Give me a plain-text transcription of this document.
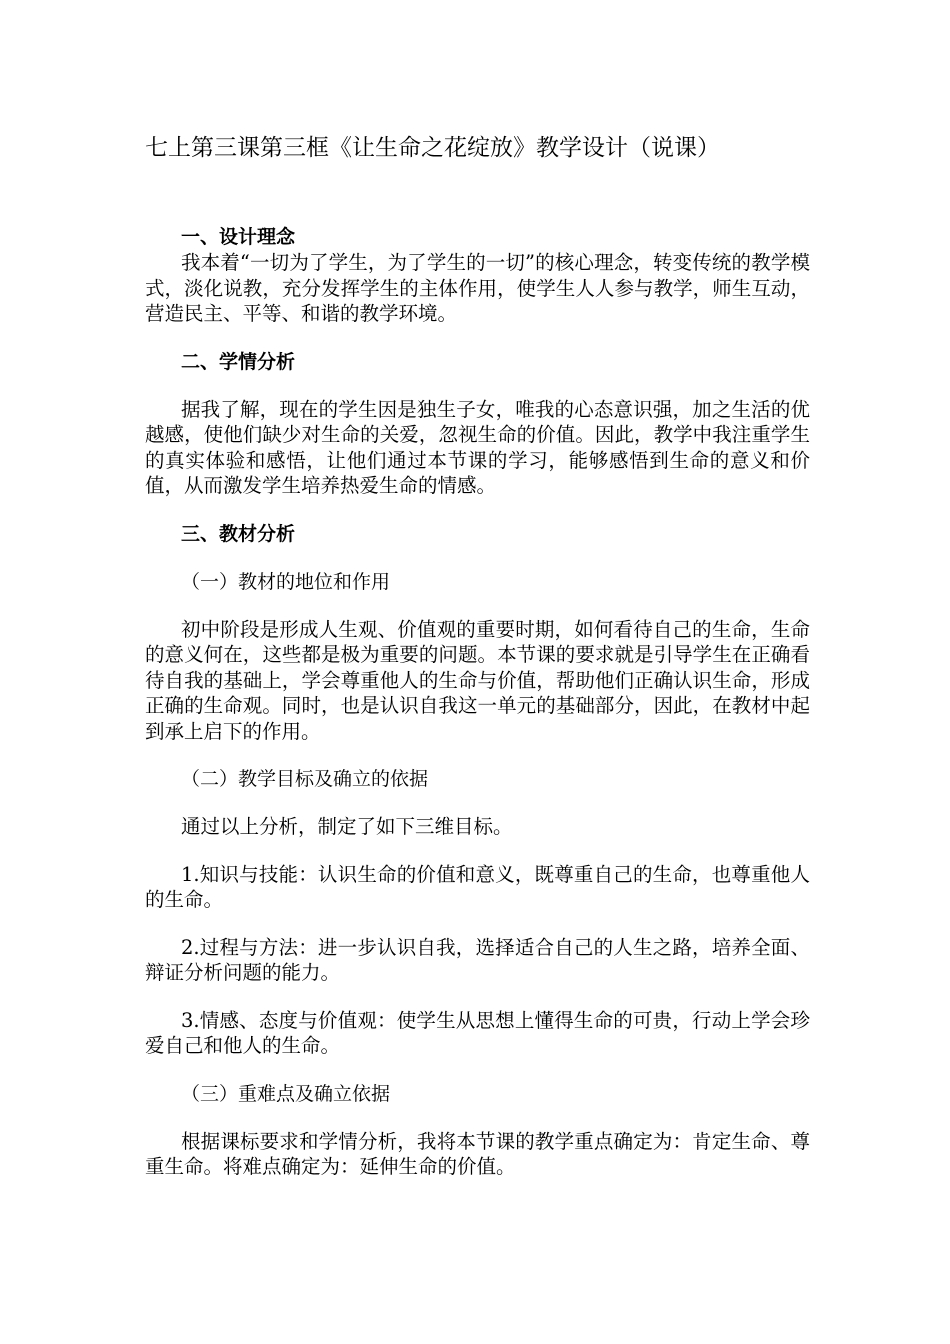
七上第三课第三框《让生命之花绽放》教学设计（说课）
一、设计理念

我本着“一切为了学生，为了学生的一切”的核心理念，转变传统的教学模式，淡化说教，充分发挥学生的主体作用，使学生人人参与教学，师生互动，营造民主、平等、和谐的教学环境。

二、学情分析

据我了解，现在的学生因是独生子女，唯我的心态意识强，加之生活的优越感，使他们缺少对生命的关爱，忽视生命的价值。因此，教学中我注重学生的真实体验和感悟，让他们通过本节课的学习，能够感悟到生命的意义和价值，从而激发学生培养热爱生命的情感。

三、教材分析
（一）教材的地位和作用

初中阶段是形成人生观、价值观的重要时期，如何看待自己的生命，生命的意义何在，这些都是极为重要的问题。本节课的要求就是引导学生在正确看待自我的基础上，学会尊重他人的生命与价值，帮助他们正确认识生命，形成正确的生命观。同时，也是认识自我这一单元的基础部分，因此，在教材中起到承上启下的作用。

（二）教学目标及确立的依据

通过以上分析，制定了如下三维目标。

1.知识与技能：认识生命的价值和意义，既尊重自己的生命，也尊重他人的生命。

2.过程与方法：进一步认识自我，选择适合自己的人生之路，培养全面、辩证分析问题的能力。

3.情感、态度与价值观：使学生从思想上懂得生命的可贵，行动上学会珍爱自己和他人的生命。

（三）重难点及确立依据

根据课标要求和学情分析，我将本节课的教学重点确定为：肯定生命、尊重生命。将难点确定为：延伸生命的价值。
